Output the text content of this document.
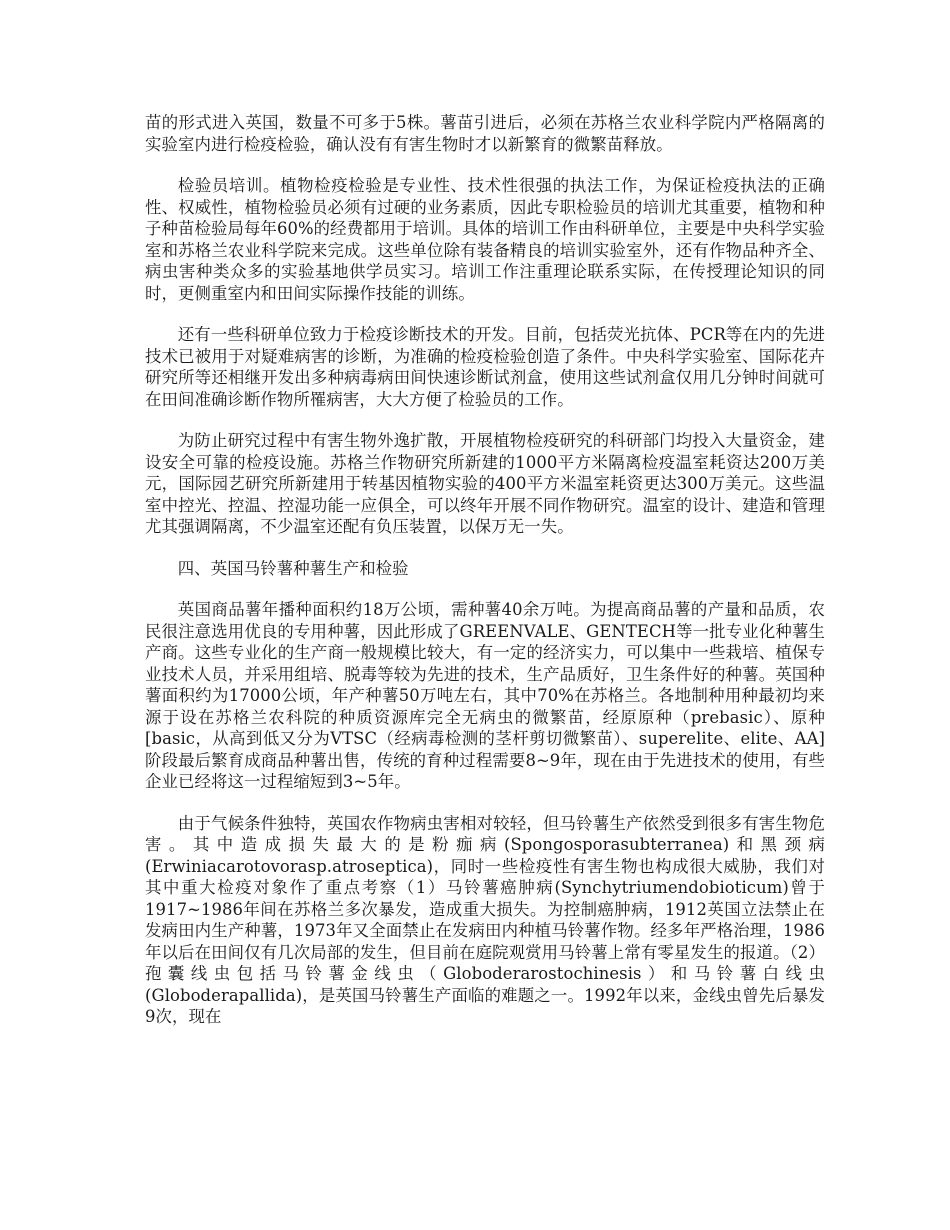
苗的形式进入英国，数量不可多于5株。薯苗引进后，必须在苏格兰农业科学院内严格隔离的实验室内进行检疫检验，确认没有有害生物时才以新繁育的微繁苗释放。

检验员培训。植物检疫检验是专业性、技术性很强的执法工作，为保证检疫执法的正确性、权威性，植物检验员必须有过硬的业务素质，因此专职检验员的培训尤其重要，植物和种子种苗检验局每年60%的经费都用于培训。具体的培训工作由科研单位，主要是中央科学实验室和苏格兰农业科学院来完成。这些单位除有装备精良的培训实验室外，还有作物品种齐全、病虫害种类众多的实验基地供学员实习。培训工作注重理论联系实际，在传授理论知识的同时，更侧重室内和田间实际操作技能的训练。

还有一些科研单位致力于检疫诊断技术的开发。目前，包括荧光抗体、PCR等在内的先进技术已被用于对疑难病害的诊断，为准确的检疫检验创造了条件。中央科学实验室、国际花卉研究所等还相继开发出多种病毒病田间快速诊断试剂盒，使用这些试剂盒仅用几分钟时间就可在田间准确诊断作物所罹病害，大大方便了检验员的工作。

为防止研究过程中有害生物外逸扩散，开展植物检疫研究的科研部门均投入大量资金，建设安全可靠的检疫设施。苏格兰作物研究所新建的1000平方米隔离检疫温室耗资达200万美元，国际园艺研究所新建用于转基因植物实验的400平方米温室耗资更达300万美元。这些温室中控光、控温、控湿功能一应俱全，可以终年开展不同作物研究。温室的设计、建造和管理尤其强调隔离，不少温室还配有负压装置，以保万无一失。

四、英国马铃薯种薯生产和检验

英国商品薯年播种面积约18万公顷，需种薯40余万吨。为提高商品薯的产量和品质，农民很注意选用优良的专用种薯，因此形成了GREENVALE、GENTECH等一批专业化种薯生产商。这些专业化的生产商一般规模比较大，有一定的经济实力，可以集中一些栽培、植保专业技术人员，并采用组培、脱毒等较为先进的技术，生产品质好，卫生条件好的种薯。英国种薯面积约为17000公顷，年产种薯50万吨左右，其中70%在苏格兰。各地制种用种最初均来源于设在苏格兰农科院的种质资源库完全无病虫的微繁苗，经原原种（prebasic）、原种[basic，从高到低又分为VTSC（经病毒检测的茎杆剪切微繁苗）、superelite、elite、AA]阶段最后繁育成商品种薯出售，传统的育种过程需要8~9年，现在由于先进技术的使用，有些企业已经将这一过程缩短到3~5年。

由于气候条件独特，英国农作物病虫害相对较轻，但马铃薯生产依然受到很多有害生物危害。其中造成损失最大的是粉痂病(Spongosporasubterranea)和黑颈病(Erwiniacarotovorasp.atroseptica)，同时一些检疫性有害生物也构成很大威胁，我们对其中重大检疫对象作了重点考察（1）马铃薯癌肿病(Synchytriumendobioticum)曾于1917~1986年间在苏格兰多次暴发，造成重大损失。为控制癌肿病，1912英国立法禁止在发病田内生产种薯，1973年又全面禁止在发病田内种植马铃薯作物。经多年严格治理，1986年以后在田间仅有几次局部的发生，但目前在庭院观赏用马铃薯上常有零星发生的报道。（2）孢囊线虫包括马铃薯金线虫（Globoderarostochinesis）和马铃薯白线虫(Globoderapallida)，是英国马铃薯生产面临的难题之一。1992年以来，金线虫曾先后暴发9次，现在
